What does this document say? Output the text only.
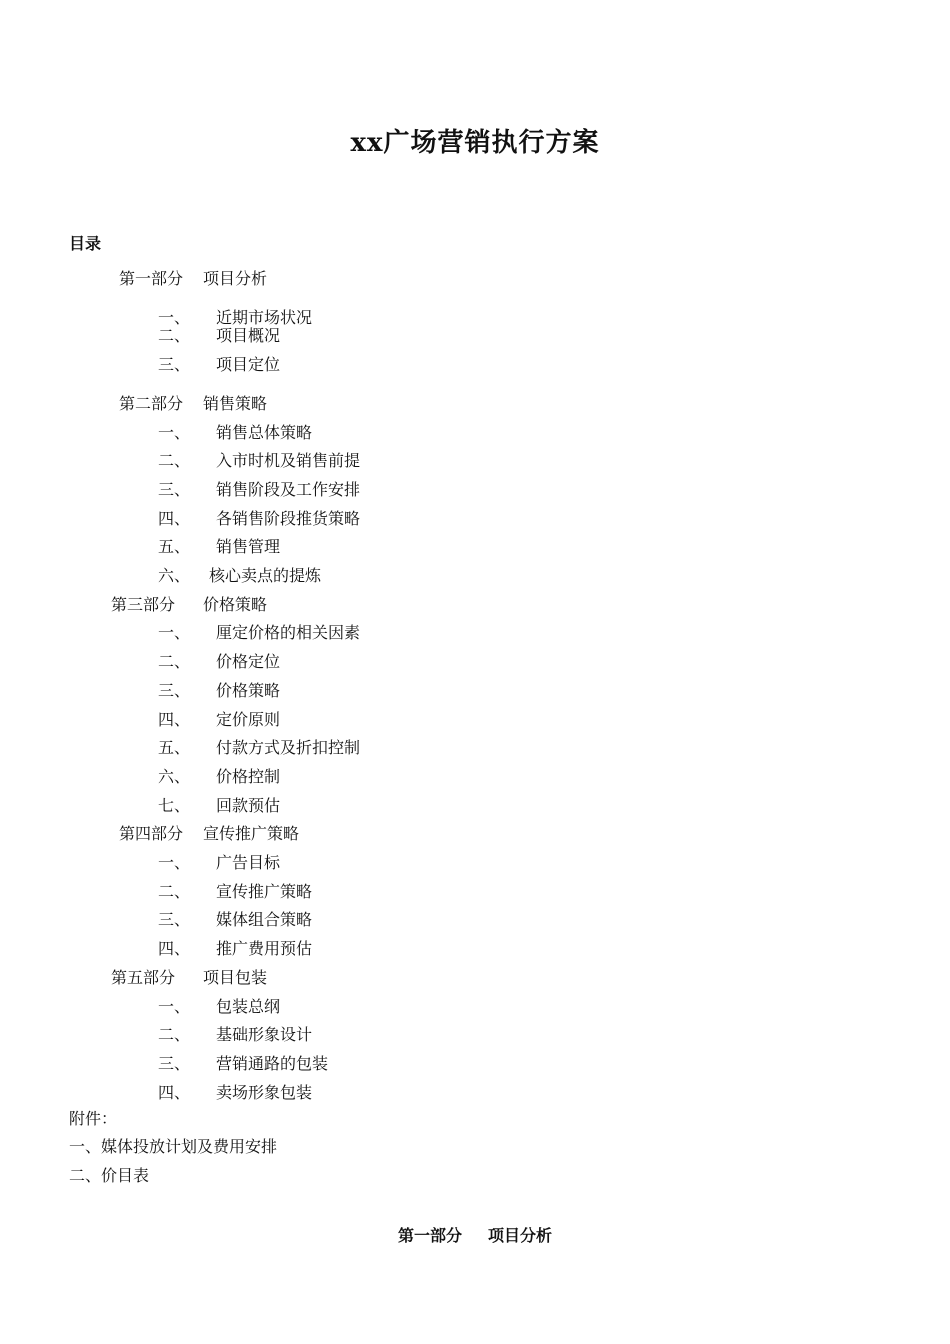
xx广场营销执行方案
目录
第一部分 项目分析
一、 近期市场状况
二、 项目概况
三、 项目定位
第二部分 销售策略
一、 销售总体策略
二、 入市时机及销售前提
三、 销售阶段及工作安排
四、 各销售阶段推货策略
五、 销售管理
六、 核心卖点的提炼
第三部分 价格策略
一、 厘定价格的相关因素
二、 价格定位
三、 价格策略
四、 定价原则
五、 付款方式及折扣控制
六、 价格控制
七、 回款预估
第四部分 宣传推广策略
一、 广告目标
二、 宣传推广策略
三、 媒体组合策略
四、 推广费用预估
第五部分 项目包装
一、 包装总纲
二、 基础形象设计
三、 营销通路的包装
四、 卖场形象包装
附件：
一、媒体投放计划及费用安排
二、价目表
第一部分 项目分析
